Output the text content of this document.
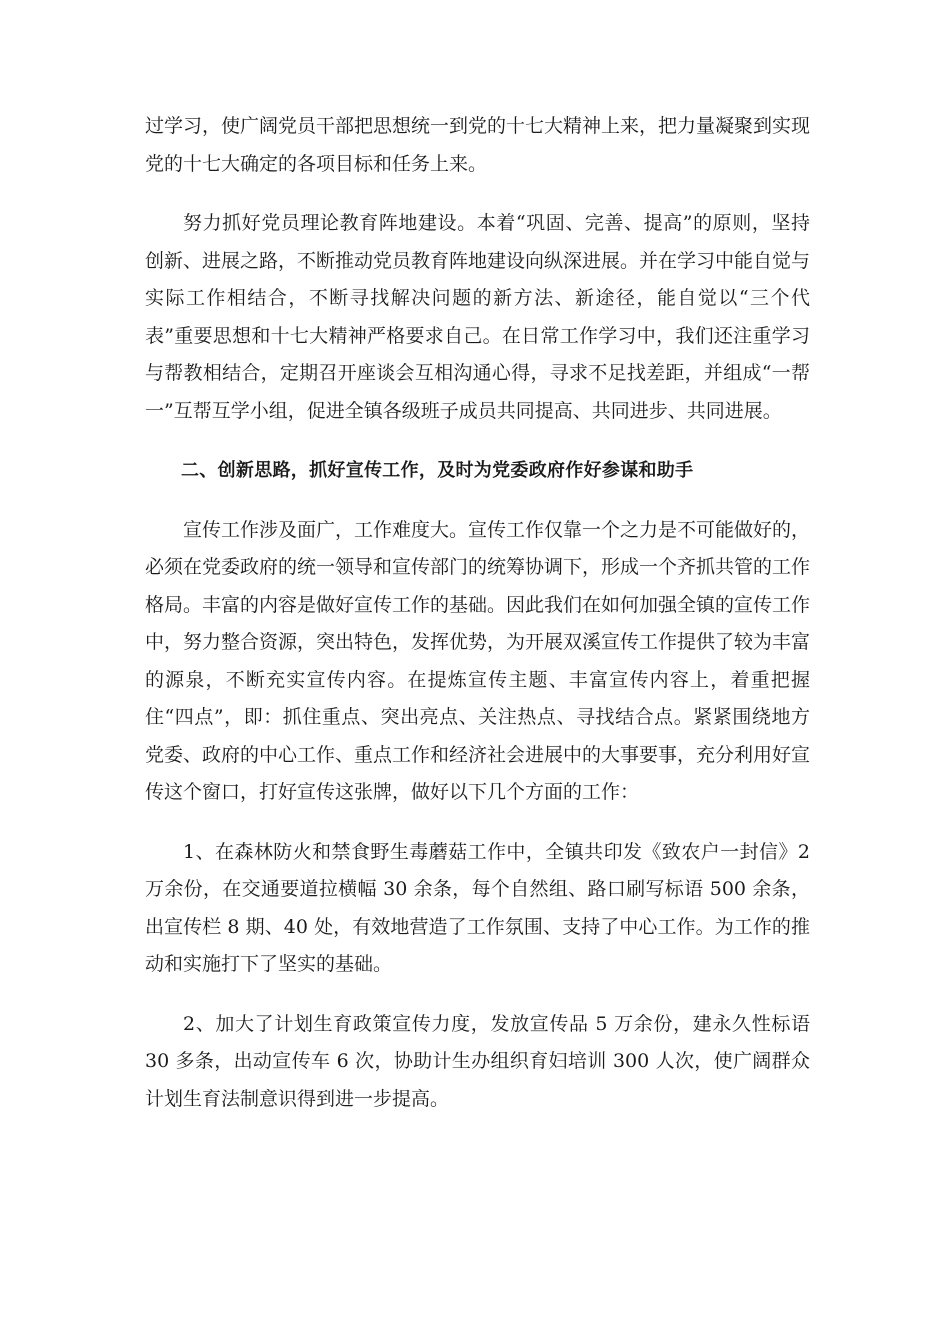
过学习，使广阔党员干部把思想统一到党的十七大精神上来，把力量凝聚到实现党的十七大确定的各项目标和任务上来。

努力抓好党员理论教育阵地建设。本着“巩固、完善、提高”的原则，坚持创新、进展之路，不断推动党员教育阵地建设向纵深进展。并在学习中能自觉与实际工作相结合，不断寻找解决问题的新方法、新途径，能自觉以“三个代表”重要思想和十七大精神严格要求自己。在日常工作学习中，我们还注重学习与帮教相结合，定期召开座谈会互相沟通心得，寻求不足找差距，并组成“一帮一”互帮互学小组，促进全镇各级班子成员共同提高、共同进步、共同进展。

二、创新思路，抓好宣传工作，及时为党委政府作好参谋和助手

宣传工作涉及面广，工作难度大。宣传工作仅靠一个之力是不可能做好的，必须在党委政府的统一领导和宣传部门的统筹协调下，形成一个齐抓共管的工作格局。丰富的内容是做好宣传工作的基础。因此我们在如何加强全镇的宣传工作中，努力整合资源，突出特色，发挥优势，为开展双溪宣传工作提供了较为丰富的源泉，不断充实宣传内容。在提炼宣传主题、丰富宣传内容上，着重把握住“四点”，即：抓住重点、突出亮点、关注热点、寻找结合点。紧紧围绕地方党委、政府的中心工作、重点工作和经济社会进展中的大事要事，充分利用好宣传这个窗口，打好宣传这张牌，做好以下几个方面的工作：

1、在森林防火和禁食野生毒蘑菇工作中，全镇共印发《致农户一封信》2 万余份，在交通要道拉横幅 30 余条，每个自然组、路口刷写标语 500 余条，出宣传栏 8 期、40 处，有效地营造了工作氛围、支持了中心工作。为工作的推动和实施打下了坚实的基础。

2、加大了计划生育政策宣传力度，发放宣传品 5 万余份，建永久性标语 30 多条，出动宣传车 6 次，协助计生办组织育妇培训 300 人次，使广阔群众计划生育法制意识得到进一步提高。
